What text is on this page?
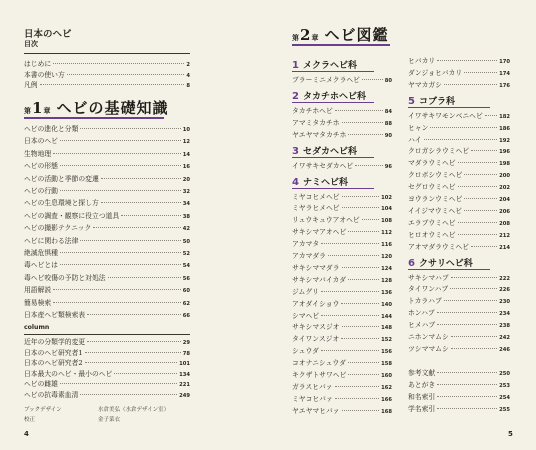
日本のヘビ
目次
はじめに	2
本書の使い方	4
凡例	8
第 1 章 ヘビの基礎知識
ヘビの進化と分類	10
日本のヘビ	12
生物地理	14
ヘビの形態	16
ヘビの活動と季節の変遷	20
ヘビの行動	32
ヘビの生息環境と探し方	34
ヘビの調査・観察に役立つ道具	38
ヘビの撮影テクニック	42
ヘビに関わる法律	50
絶滅危惧種	52
毒ヘビとは	54
毒ヘビ咬傷の予防と対処法	56
用語解説	60
簡易検索	62
日本産ヘビ類検索表	66
column
近年の分類学的変更	29
日本のヘビ研究者1	78
日本のヘビ研究者2	101
日本最大のヘビ・最小のヘビ	134
ヘビの雌雄	221
ヘビの抗毒素血清	249
ブックデザイン	水倉美弘（水倉デザイン室）
校正	金子菜衣
4
第 2 章 ヘビ図鑑
1 メクラヘビ科
ブラーミニメクラヘビ	80
2 タカチホヘビ科
タカチホヘビ	84
アマミタカチホ	88
ヤエヤマタカチホ	90
3 セダカヘビ科
イワサキセダカヘビ	96
4 ナミヘビ科
ミヤコヒメヘビ	102
ミヤラヒメヘビ	104
リュウキュウアオヘビ	108
サキシマアオヘビ	112
アカマタ	116
アカマダラ	120
サキシママダラ	124
サキシマバイカダ	128
ジムグリ	136
アオダイショウ	140
シマヘビ	144
サキシマスジオ	148
タイワンスジオ	152
シュウダ	156
コオナニシュウダ	158
キクザトサワヘビ	160
ガラスヒバァ	162
ミヤコヒバァ	166
ヤエヤマヒバァ	168
ヒバカリ	170
ダンジョヒバカリ	174
ヤマカガシ	176
5 コブラ科
イワサキワモンベニヘビ	182
ヒャン	186
ハイ	192
クロガシラウミヘビ	196
マダラウミヘビ	198
クロボシウミヘビ	200
セグロウミヘビ	202
ヨウランウミヘビ	204
イイジマウミヘビ	206
エラブウミヘビ	208
ヒロオウミヘビ	212
アオマダラウミヘビ	214
6 クサリヘビ科
サキシマハブ	222
タイワンハブ	226
トカラハブ	230
ホンハブ	234
ヒメハブ	238
ニホンマムシ	242
ツシママムシ	246
参考文献	250
あとがき	253
和名索引	254
学名索引	255
5
